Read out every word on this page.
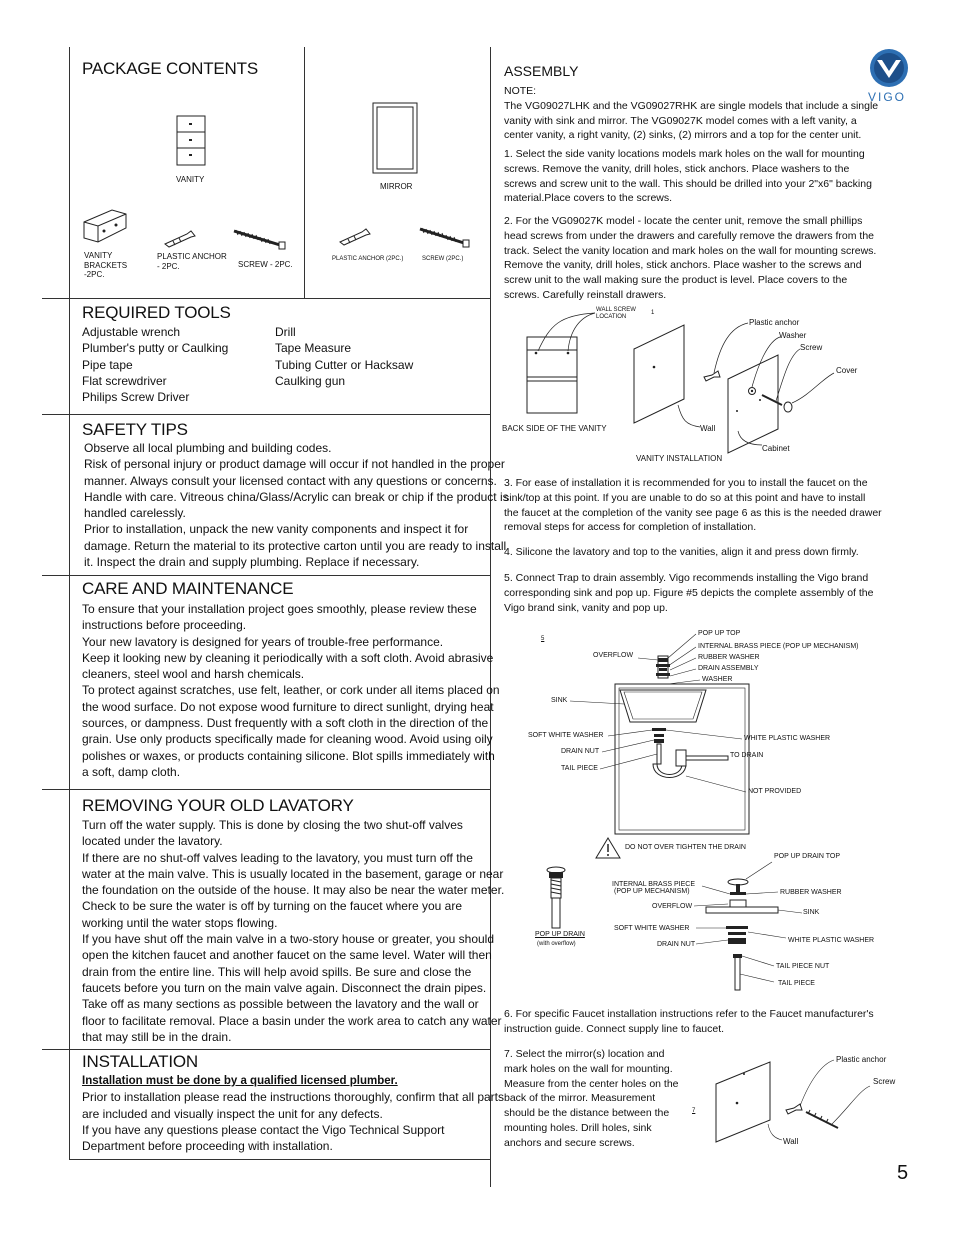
PACKAGE CONTENTS
VANITY
MIRROR
VANITY
BRACKETS
-2PC.
PLASTIC ANCHOR
- 2PC.	SCREW - 2PC.
PLASTIC ANCHOR (2PC.)	SCREW (2PC.)
REQUIRED TOOLS
Adjustable wrench
Plumber's putty or Caulking
Pipe tape
Flat screwdriver
Philips Screw Driver
Drill
Tape Measure
Tubing Cutter or Hacksaw
Caulking gun
SAFETY TIPS
Observe all local plumbing and building codes.
Risk of personal injury or product damage will occur if not handled in the proper
manner. Always consult your licensed contact with any questions or concerns.
Handle with care. Vitreous china/Glass/Acrylic can break or chip if the product is
handled carelessly.
Prior to installation, unpack the new vanity components and inspect it for
damage. Return the material to its protective carton until you are ready to install
it. Inspect the drain and supply plumbing. Replace if necessary.
CARE AND MAINTENANCE
To ensure that your installation project goes smoothly, please review these
instructions before proceeding.
Your new lavatory is designed for years of trouble-free performance.
Keep it looking new by cleaning it periodically with a soft cloth. Avoid abrasive
cleaners, steel wool and harsh chemicals.
To protect against scratches, use felt, leather, or cork under all items placed on
the wood surface. Do not expose wood furniture to direct sunlight, drying heat
sources, or dampness. Dust frequently with a soft cloth in the direction of the
grain. Use only products specifically made for cleaning wood. Avoid using oily
polishes or waxes, or products containing silicone. Blot spills immediately with
a soft, damp cloth.
REMOVING YOUR OLD LAVATORY
Turn off the water supply. This is done by closing the two shut-off valves
located under the lavatory.
If there are no shut-off valves leading to the lavatory, you must turn off the
water at the main valve. This is usually located in the basement, garage or near
the foundation on the outside of the house. It may also be near the water meter.
Check to be sure the water is off by turning on the faucet where you are
working until the water stops flowing.
If you have shut off the main valve in a two-story house or greater, you should
open the kitchen faucet and another faucet on the same level. Water will then
drain from the entire line. This will help avoid spills. Be sure and close the
faucets before you turn on the main valve again. Disconnect the drain pipes.
Take off as many sections as possible between the lavatory and the wall or
floor to facilitate removal. Place a basin under the work area to catch any water
that may still be in the drain.
INSTALLATION
Installation must be done by a qualified licensed plumber.
Prior to installation please read the instructions thoroughly, confirm that all parts
are included and visually inspect the unit for any defects.
If you have any questions please contact the Vigo Technical Support
Department before proceeding with installation.
VIGO
ASSEMBLY
NOTE:
The VG09027LHK and the VG09027RHK are single models that include a single
vanity with sink and mirror. The VG09027K model comes with a left vanity, a
center vanity, a right vanity, (2) sinks, (2) mirrors and a top for the center unit.
1. Select the side vanity locations models mark holes on the wall for mounting
screws. Remove the vanity, drill holes, stick anchors. Place washers to the
screws and screw unit to the wall. This should be drilled into your 2"x6" backing
material.Place covers to the screws.
2. For the VG09027K model - locate the center unit, remove the small phillips
head screws from under the drawers and carefully remove the drawers from the
track. Select the vanity location and mark holes on the wall for mounting screws.
Remove the vanity, drill holes, stick anchors. Place washer to the screws and
screw unit to the wall making sure the product is level. Place covers to the
screws. Carefully reinstall drawers.
1
WALL SCREW
LOCATION
BACK SIDE OF THE VANITY
Plastic anchor
Washer
Screw
Cover
Wall
Cabinet
VANITY INSTALLATION
3. For ease of installation it is recommended for you to install the faucet on the
sink/top at this point. If you are unable to do so at this point and have to install
the faucet at the completion of the vanity see page 6 as this is the needed drawer
removal steps for access for completion of installation.
4. Silicone the lavatory and top to the vanities, align it and press down firmly.
5. Connect Trap to drain assembly. Vigo recommends installing the Vigo brand
corresponding sink and pop up. Figure #5 depicts the complete assembly of the
Vigo brand sink, vanity and pop up.
5
POP UP TOP
INTERNAL BRASS PIECE (POP UP MECHANISM)
OVERFLOW	RUBBER WASHER
DRAIN ASSEMBLY
WASHER
SINK
SOFT WHITE WASHER	WHITE PLASTIC WASHER
DRAIN NUT
TO DRAIN
TAIL PIECE
NOT PROVIDED
DO NOT OVER TIGHTEN THE DRAIN
POP UP DRAIN TOP
INTERNAL BRASS PIECE
(POP UP MECHANISM)	RUBBER WASHER
OVERFLOW
SINK
POP UP DRAIN
(with overflow)
SOFT WHITE WASHER
WHITE PLASTIC WASHER
DRAIN NUT
TAIL PIECE NUT
TAIL PIECE
6. For specific Faucet installation instructions refer to the Faucet manufacturer's
instruction guide. Connect supply line to faucet.
7. Select the mirror(s) location and
mark holes on the wall for mounting.
Measure from the center holes on the
back of the mirror. Measurement
should be the distance between the
mounting holes. Drill holes, sink
anchors and secure screws.
7
Plastic anchor
Screw
Wall
5
